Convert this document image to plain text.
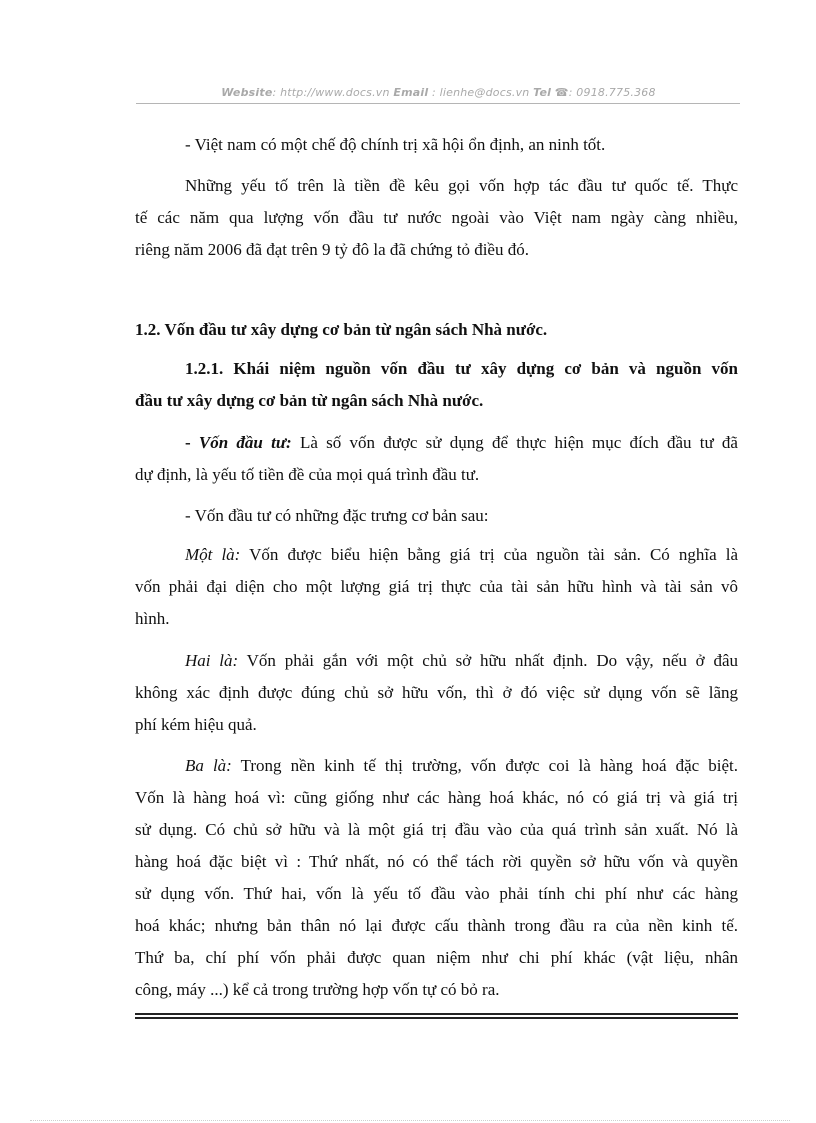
Website: http://www.docs.vn Email : lienhe@docs.vn Tel ☎: 0918.775.368
- Việt nam có một chế độ chính trị xã hội ổn định, an ninh tốt.
Những yếu tố trên là tiền đề kêu gọi vốn hợp tác đầu tư quốc tế. Thực
tế các năm qua lượng vốn đầu tư nước ngoài vào Việt nam ngày càng nhiều,
riêng năm 2006 đã đạt trên 9 tỷ đô la đã chứng tỏ điều đó.
1.2. Vốn đầu tư xây dựng cơ bản từ ngân sách Nhà nước.
1.2.1. Khái niệm nguồn vốn đầu tư xây dựng cơ bản và nguồn vốn
đầu tư xây dựng cơ bản từ ngân sách Nhà nước.
- Vốn đầu tư: Là số vốn được sử dụng để thực hiện mục đích đầu tư đã
dự định, là yếu tố tiền đề của mọi quá trình đầu tư.
- Vốn đầu tư có những đặc trưng cơ bản sau:
Một là: Vốn được biểu hiện bằng giá trị của nguồn tài sản. Có nghĩa là
vốn phải đại diện cho một lượng giá trị thực của tài sản hữu hình và tài sản vô
hình.
Hai là: Vốn phải gắn với một chủ sở hữu nhất định. Do vậy, nếu ở đâu
không xác định được đúng chủ sở hữu vốn, thì ở đó việc sử dụng vốn sẽ lãng
phí kém hiệu quả.
Ba là: Trong nền kinh tế thị trường, vốn được coi là hàng hoá đặc biệt.
Vốn là hàng hoá vì: cũng giống như các hàng hoá khác, nó có giá trị và giá trị
sử dụng. Có chủ sở hữu và là một giá trị đầu vào của quá trình sản xuất. Nó là
hàng hoá đặc biệt vì : Thứ nhất, nó có thể tách rời quyền sở hữu vốn và quyền
sử dụng vốn. Thứ hai, vốn là yếu tố đầu vào phải tính chi phí như các hàng
hoá khác; nhưng bản thân nó lại được cấu thành trong đầu ra của nền kinh tế.
Thứ ba, chí phí vốn phải được quan niệm như chi phí khác (vật liệu, nhân
công, máy ...) kể cả trong trường hợp vốn tự có bỏ ra.
